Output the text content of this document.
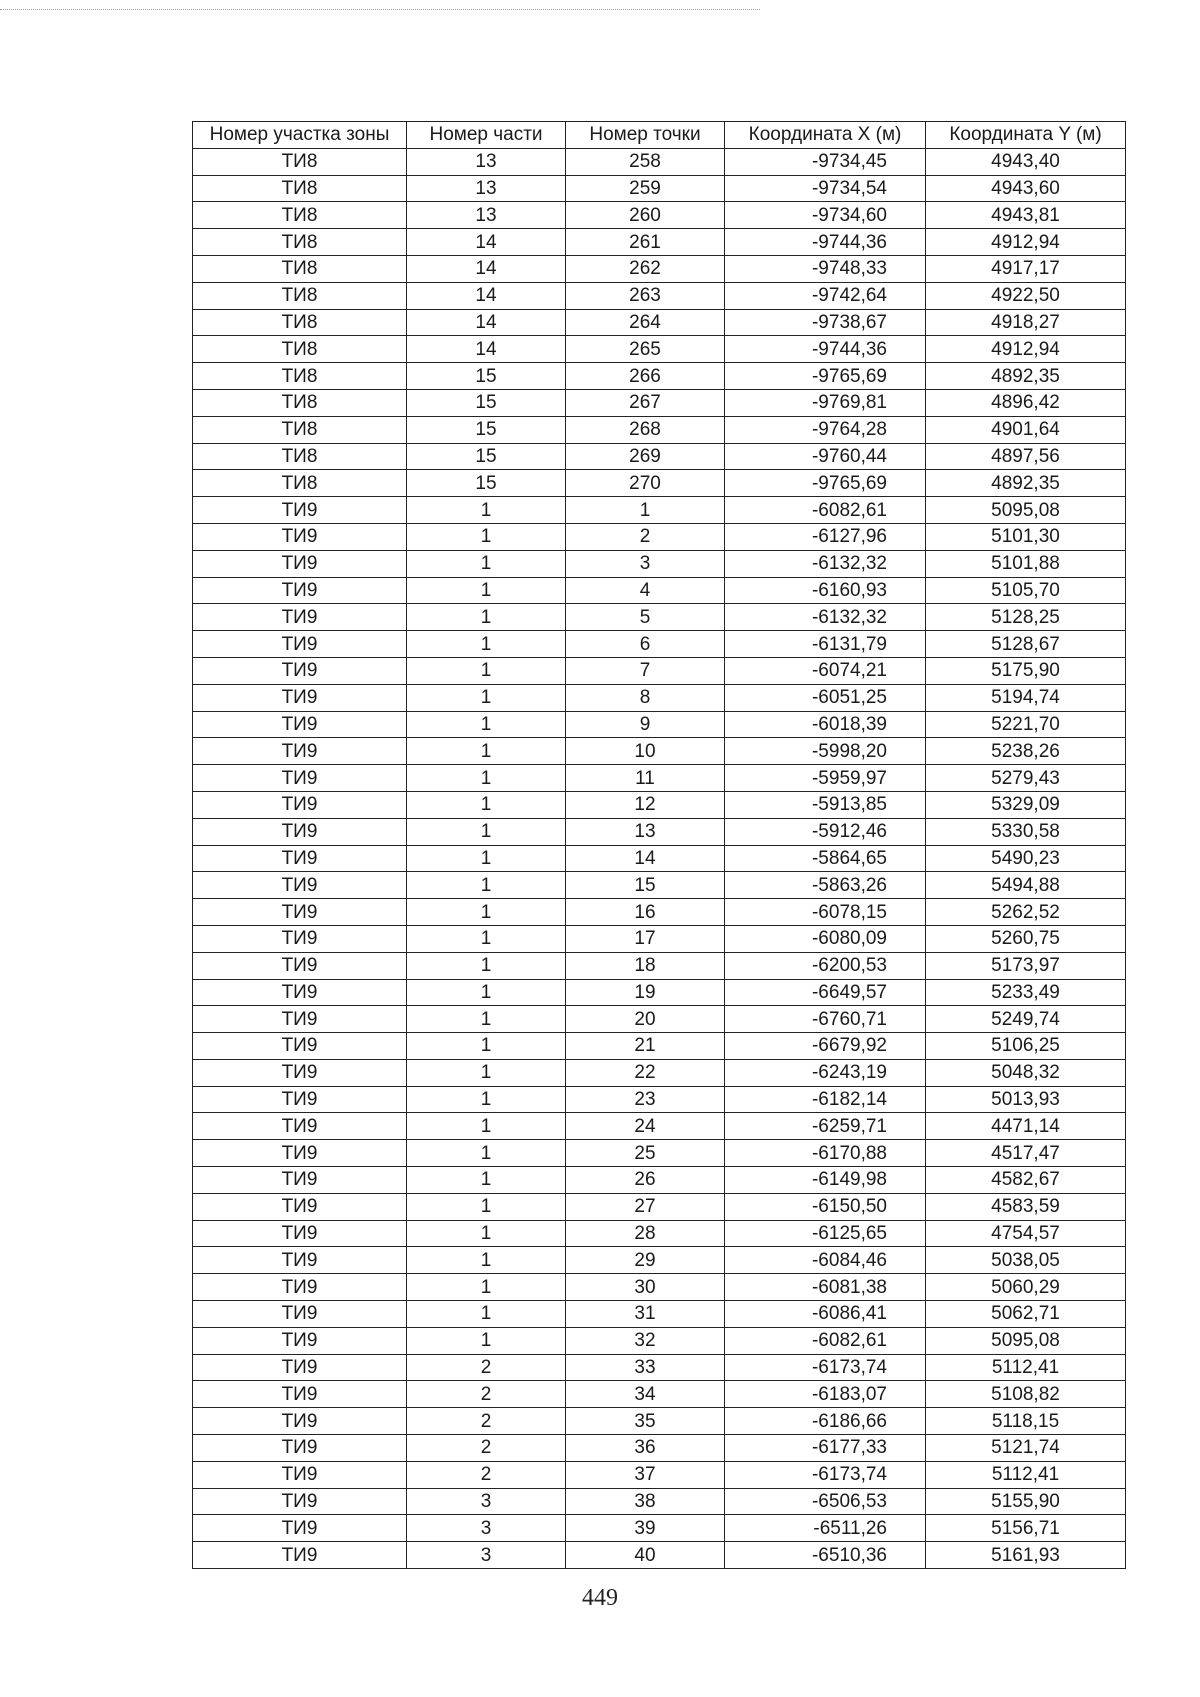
Номер участка зоны	Номер части	Номер точки	Координата X (м)	Координата Y (м)
ТИ8	13	258	-9734,45	4943,40
ТИ8	13	259	-9734,54	4943,60
ТИ8	13	260	-9734,60	4943,81
ТИ8	14	261	-9744,36	4912,94
ТИ8	14	262	-9748,33	4917,17
ТИ8	14	263	-9742,64	4922,50
ТИ8	14	264	-9738,67	4918,27
ТИ8	14	265	-9744,36	4912,94
ТИ8	15	266	-9765,69	4892,35
ТИ8	15	267	-9769,81	4896,42
ТИ8	15	268	-9764,28	4901,64
ТИ8	15	269	-9760,44	4897,56
ТИ8	15	270	-9765,69	4892,35
ТИ9	1	1	-6082,61	5095,08
ТИ9	1	2	-6127,96	5101,30
ТИ9	1	3	-6132,32	5101,88
ТИ9	1	4	-6160,93	5105,70
ТИ9	1	5	-6132,32	5128,25
ТИ9	1	6	-6131,79	5128,67
ТИ9	1	7	-6074,21	5175,90
ТИ9	1	8	-6051,25	5194,74
ТИ9	1	9	-6018,39	5221,70
ТИ9	1	10	-5998,20	5238,26
ТИ9	1	11	-5959,97	5279,43
ТИ9	1	12	-5913,85	5329,09
ТИ9	1	13	-5912,46	5330,58
ТИ9	1	14	-5864,65	5490,23
ТИ9	1	15	-5863,26	5494,88
ТИ9	1	16	-6078,15	5262,52
ТИ9	1	17	-6080,09	5260,75
ТИ9	1	18	-6200,53	5173,97
ТИ9	1	19	-6649,57	5233,49
ТИ9	1	20	-6760,71	5249,74
ТИ9	1	21	-6679,92	5106,25
ТИ9	1	22	-6243,19	5048,32
ТИ9	1	23	-6182,14	5013,93
ТИ9	1	24	-6259,71	4471,14
ТИ9	1	25	-6170,88	4517,47
ТИ9	1	26	-6149,98	4582,67
ТИ9	1	27	-6150,50	4583,59
ТИ9	1	28	-6125,65	4754,57
ТИ9	1	29	-6084,46	5038,05
ТИ9	1	30	-6081,38	5060,29
ТИ9	1	31	-6086,41	5062,71
ТИ9	1	32	-6082,61	5095,08
ТИ9	2	33	-6173,74	5112,41
ТИ9	2	34	-6183,07	5108,82
ТИ9	2	35	-6186,66	5118,15
ТИ9	2	36	-6177,33	5121,74
ТИ9	2	37	-6173,74	5112,41
ТИ9	3	38	-6506,53	5155,90
ТИ9	3	39	-6511,26	5156,71
ТИ9	3	40	-6510,36	5161,93
449
